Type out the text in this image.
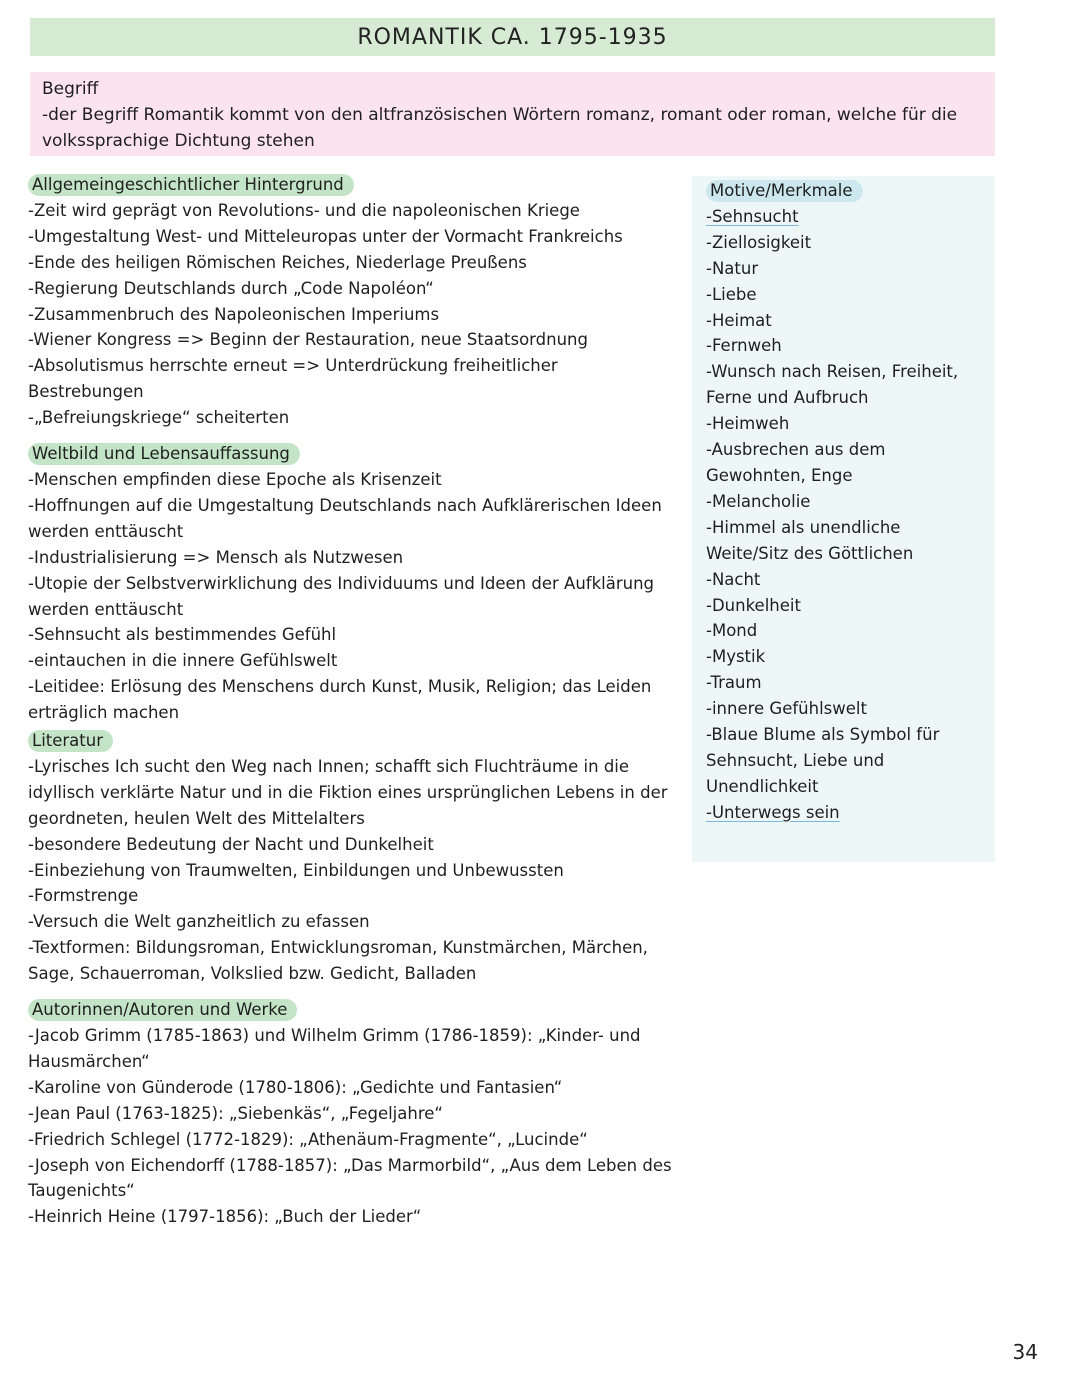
ROMANTIK CA. 1795-1935

Begriff

-der Begriff Romantik kommt von den altfranzösischen Wörtern romanz, romant oder roman, welche für die volkssprachige Dichtung stehen

Allgemeingeschichtlicher Hintergrund

-Zeit wird geprägt von Revolutions- und die napoleonischen Kriege

-Umgestaltung West- und Mitteleuropas unter der Vormacht Frankreichs

-Ende des heiligen Römischen Reiches, Niederlage Preußens

-Regierung Deutschlands durch „Code Napoléon“

-Zusammenbruch des Napoleonischen Imperiums

-Wiener Kongress => Beginn der Restauration, neue Staatsordnung

-Absolutismus herrschte erneut => Unterdrückung freiheitlicher Bestrebungen

-„Befreiungskriege“ scheiterten

Weltbild und Lebensauffassung

-Menschen empfinden diese Epoche als Krisenzeit

-Hoffnungen auf die Umgestaltung Deutschlands nach Aufklärerischen Ideen werden enttäuscht

-Industrialisierung => Mensch als Nutzwesen

-Utopie der Selbstverwirklichung des Individuums und Ideen der Aufklärung werden enttäuscht

-Sehnsucht als bestimmendes Gefühl

-eintauchen in die innere Gefühlswelt

-Leitidee: Erlösung des Menschens durch Kunst, Musik, Religion; das Leiden erträglich machen

Literatur

-Lyrisches Ich sucht den Weg nach Innen; schafft sich Fluchträume in die idyllisch verklärte Natur und in die Fiktion eines ursprünglichen Lebens in der geordneten, heulen Welt des Mittelalters

-besondere Bedeutung der Nacht und Dunkelheit

-Einbeziehung von Traumwelten, Einbildungen und Unbewussten

-Formstrenge

-Versuch die Welt ganzheitlich zu efassen

-Textformen: Bildungsroman, Entwicklungsroman, Kunstmärchen, Märchen, Sage, Schauerroman, Volkslied bzw. Gedicht, Balladen

Autorinnen/Autoren und Werke

-Jacob Grimm (1785-1863) und Wilhelm Grimm (1786-1859): „Kinder- und Hausmärchen“

-Karoline von Günderode (1780-1806): „Gedichte und Fantasien“

-Jean Paul (1763-1825): „Siebenkäs“, „Fegeljahre“

-Friedrich Schlegel (1772-1829): „Athenäum-Fragmente“, „Lucinde“

-Joseph von Eichendorff (1788-1857): „Das Marmorbild“, „Aus dem Leben des Taugenichts“

-Heinrich Heine (1797-1856): „Buch der Lieder“

Motive/Merkmale

-Sehnsucht

-Ziellosigkeit

-Natur

-Liebe

-Heimat

-Fernweh

-Wunsch nach Reisen, Freiheit, Ferne und Aufbruch

-Heimweh

-Ausbrechen aus dem Gewohnten, Enge

-Melancholie

-Himmel als unendliche Weite/Sitz des Göttlichen

-Nacht

-Dunkelheit

-Mond

-Mystik

-Traum

-innere Gefühlswelt

-Blaue Blume als Symbol für Sehnsucht, Liebe und Unendlichkeit

-Unterwegs sein

34
